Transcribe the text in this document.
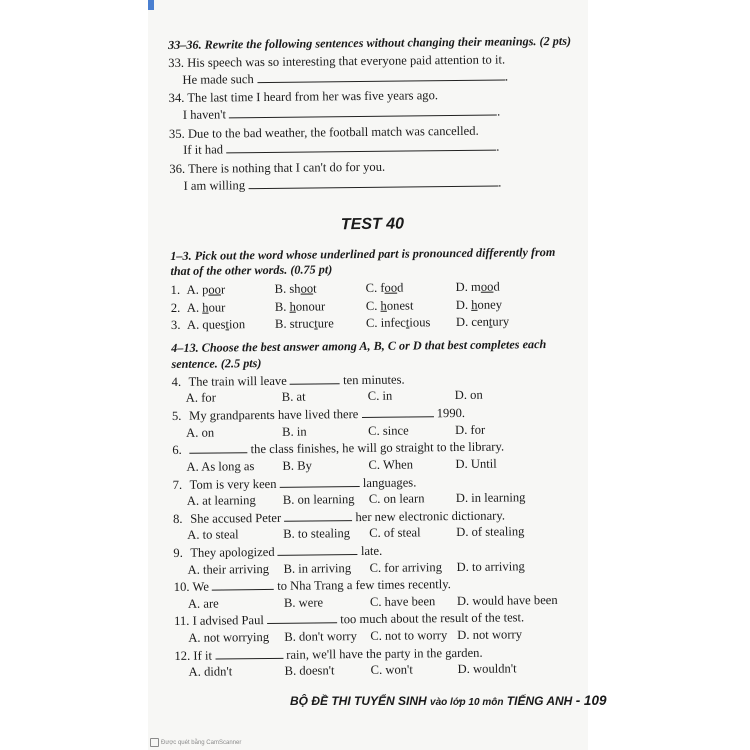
33–36. Rewrite the following sentences without changing their meanings. (2 pts)

33. His speech was so interesting that everyone paid attention to it.
He made such	.
34. The last time I heard from her was five years ago.
I haven't	.
35. Due to the bad weather, the football match was cancelled.
If it had	.
36. There is nothing that I can't do for you.
I am willing	.
TEST 40

1–3. Pick out the word whose underlined part is pronounced differently from that of the other words. (0.75 pt)

1. A. poor	B. shoot	C. food	D. mood
2. A. hour	B. honour	C. honest	D. honey
3. A. question	B. structure	C. infectious	D. century

4–13. Choose the best answer among A, B, C or D that best completes each sentence. (2.5 pts)

4. The train will leave	ten minutes.
A. for	B. at	C. in	D. on
5. My grandparents have lived there	1990.
A. on	B. in	C. since	D. for
6.	the class finishes, he will go straight to the library.
A. As long as	B. By	C. When	D. Until
7. Tom is very keen	languages.
A. at learning	B. on learning	C. on learn	D. in learning
8. She accused Peter	her new electronic dictionary.
A. to steal	B. to stealing	C. of steal	D. of stealing
9. They apologized	late.
A. their arriving	B. in arriving	C. for arriving	D. to arriving
10. We	to Nha Trang a few times recently.
A. are	B. were	C. have been	D. would have been
11. I advised Paul	too much about the result of the test.
A. not worrying	B. don't worry	C. not to worry D. not worry
12. If it	rain, we'll have the party in the garden.
A. didn't	B. doesn't	C. won't	D. wouldn't
BỘ ĐỀ THI TUYỂN SINH vào lớp 10 môn TIẾNG ANH - 109
Được quét bằng CamScanner
